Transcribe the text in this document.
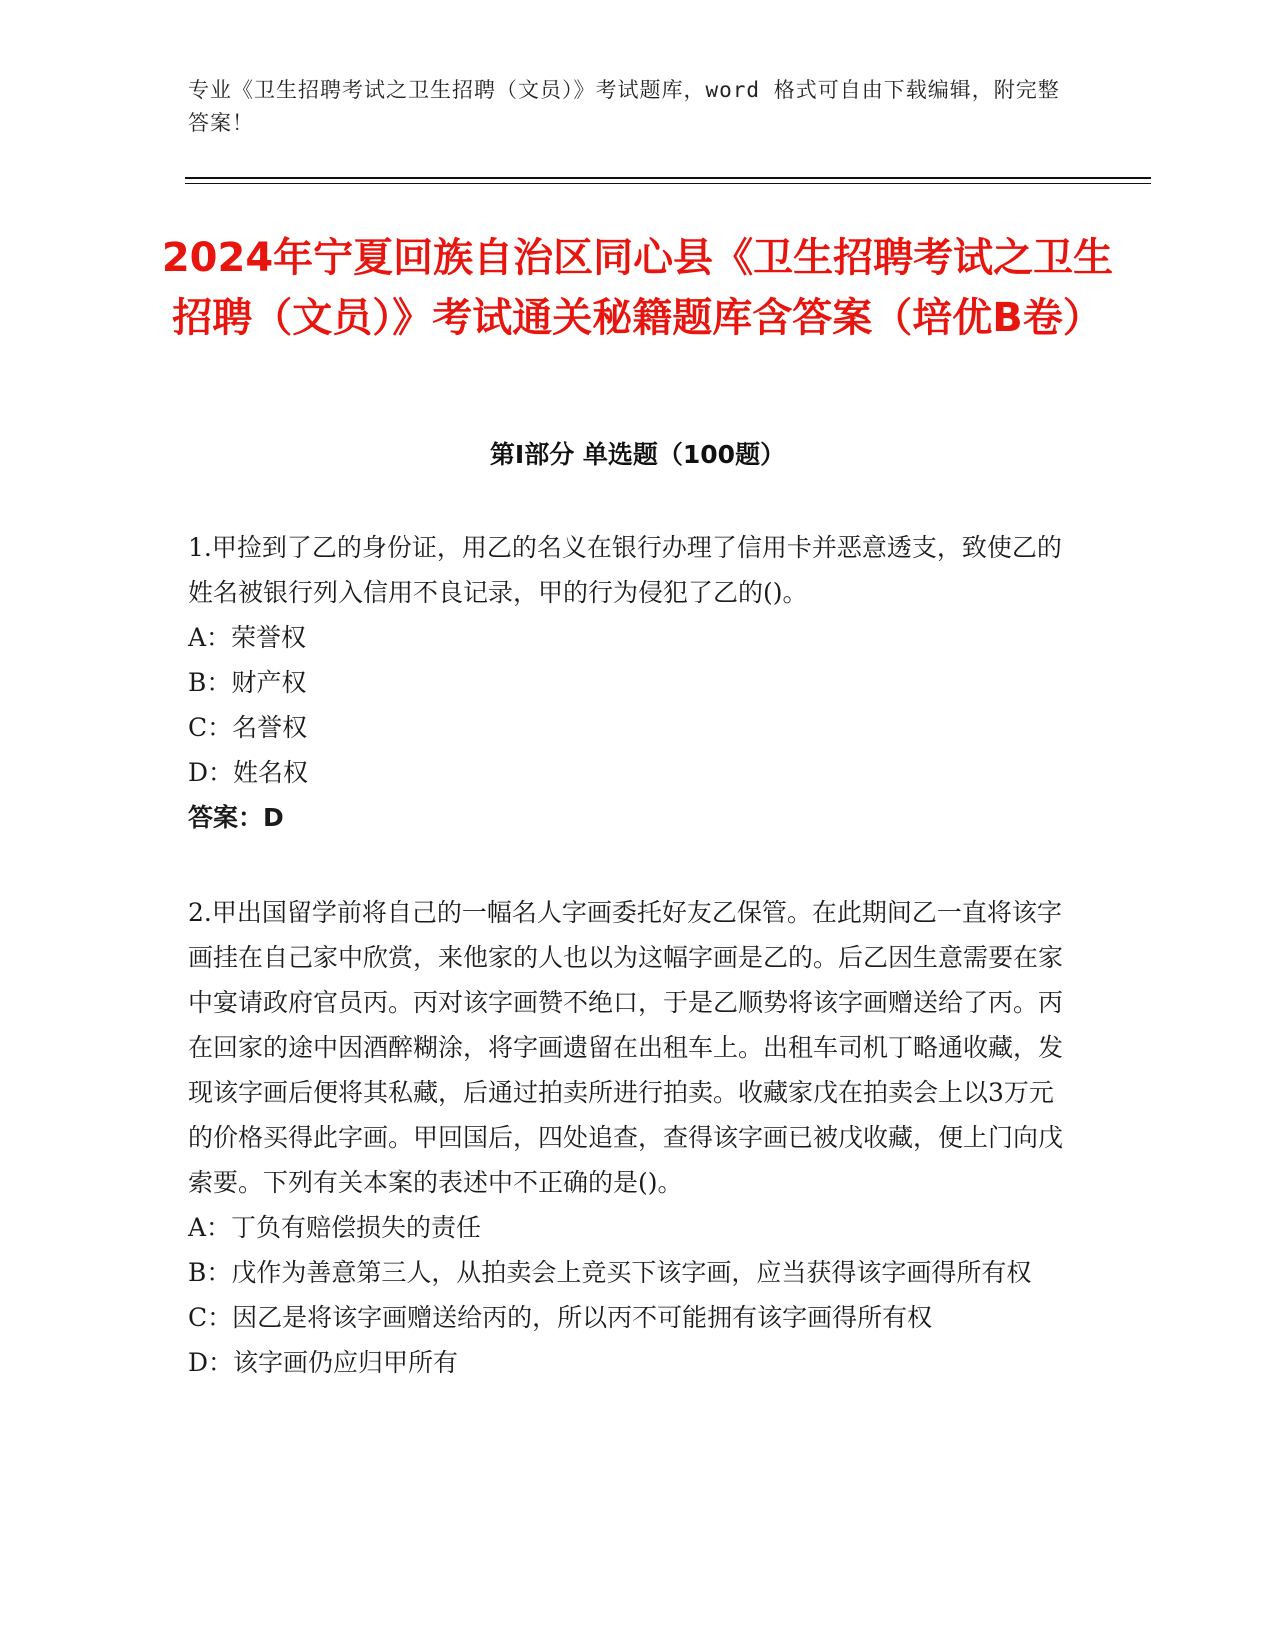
专业《卫生招聘考试之卫生招聘（文员）》考试题库，word 格式可自由下载编辑，附完整答案！
2024年宁夏回族自治区同心县《卫生招聘考试之卫生招聘（文员）》考试通关秘籍题库含答案（培优B卷）
第Ⅰ部分 单选题（100题）

1.甲捡到了乙的身份证，用乙的名义在银行办理了信用卡并恶意透支，致使乙的姓名被银行列入信用不良记录，甲的行为侵犯了乙的()。

A：荣誉权

B：财产权

C：名誉权

D：姓名权

答案：D

2.甲出国留学前将自己的一幅名人字画委托好友乙保管。在此期间乙一直将该字画挂在自己家中欣赏，来他家的人也以为这幅字画是乙的。后乙因生意需要在家中宴请政府官员丙。丙对该字画赞不绝口，于是乙顺势将该字画赠送给了丙。丙在回家的途中因酒醉糊涂，将字画遗留在出租车上。出租车司机丁略通收藏，发现该字画后便将其私藏，后通过拍卖所进行拍卖。收藏家戊在拍卖会上以3万元的价格买得此字画。甲回国后，四处追查，查得该字画已被戊收藏，便上门向戊索要。下列有关本案的表述中不正确的是()。

A：丁负有赔偿损失的责任

B：戊作为善意第三人，从拍卖会上竞买下该字画，应当获得该字画得所有权

C：因乙是将该字画赠送给丙的，所以丙不可能拥有该字画得所有权

D：该字画仍应归甲所有
